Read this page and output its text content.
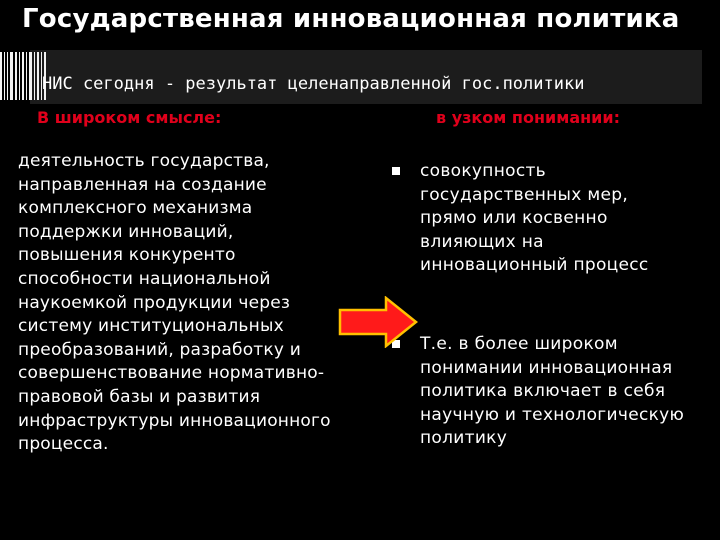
Государственная инновационная политика
НИС сегодня - результат целенаправленной гос.политики
В широком смысле:	в узком понимании:
деятельность государства,
направленная на создание
комплексного механизма
поддержки инноваций,
повышения конкуренто
способности национальной
наукоемкой продукции через
систему институциональных
преобразований, разработку и
совершенствование нормативно-
правовой базы и развития
инфраструктуры инновационного
процесса.
совокупность
государственных мер,
прямо или косвенно
влияющих на
инновационный процесс
Т.е. в более широком
понимании инновационная
политика включает в себя
научную и технологическую
политику
